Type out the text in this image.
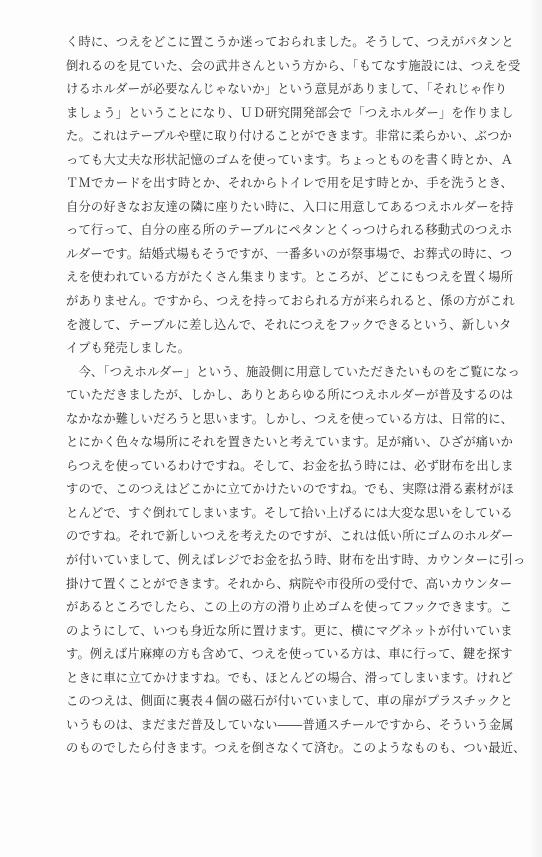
く時に、つえをどこに置こうか迷っておられました。そうして、つえがパタンと
倒れるのを見ていた、会の武井さんという方から、「もてなす施設には、つえを受
けるホルダーが必要なんじゃないか」という意見がありまして、「それじゃ作り
ましょう」ということになり、ＵＤ研究開発部会で「つえホルダー」を作りまし
た。これはテーブルや壁に取り付けることができます。非常に柔らかい、ぶつか
っても大丈夫な形状記憶のゴムを使っています。ちょっとものを書く時とか、Ａ
ＴＭでカードを出す時とか、それからトイレで用を足す時とか、手を洗うとき、
自分の好きなお友達の隣に座りたい時に、入口に用意してあるつえホルダーを持
って行って、自分の座る所のテーブルにペタンとくっつけられる移動式のつえホ
ルダーです。結婚式場もそうですが、一番多いのが祭事場で、お葬式の時に、つ
えを使われている方がたくさん集まります。ところが、どこにもつえを置く場所
がありません。ですから、つえを持っておられる方が来られると、係の方がこれ
を渡して、テーブルに差し込んで、それにつえをフックできるという、新しいタ
イプも発売しました。
　今、「つえホルダー」という、施設側に用意していただきたいものをご覧になっ
ていただきましたが、しかし、ありとあらゆる所につえホルダーが普及するのは
なかなか難しいだろうと思います。しかし、つえを使っている方は、日常的に、
とにかく色々な場所にそれを置きたいと考えています。足が痛い、ひざが痛いか
らつえを使っているわけですね。そして、お金を払う時には、必ず財布を出しま
すので、このつえはどこかに立てかけたいのですね。でも、実際は滑る素材がほ
とんどで、すぐ倒れてしまいます。そして拾い上げるには大変な思いをしている
のですね。それで新しいつえを考えたのですが、これは低い所にゴムのホルダー
が付いていまして、例えばレジでお金を払う時、財布を出す時、カウンターに引っ
掛けて置くことができます。それから、病院や市役所の受付で、高いカウンター
があるところでしたら、この上の方の滑り止めゴムを使ってフックできます。こ
のようにして、いつも身近な所に置けます。更に、横にマグネットが付いていま
す。例えば片麻痺の方も含めて、つえを使っている方は、車に行って、鍵を探す
ときに車に立てかけますね。でも、ほとんどの場合、滑ってしまいます。けれど
このつえは、側面に裏表４個の磁石が付いていまして、車の扉がプラスチックと
いうものは、まだまだ普及していない――普通スチールですから、そういう金属
のものでしたら付きます。つえを倒さなくて済む。このようなものも、つい最近、
